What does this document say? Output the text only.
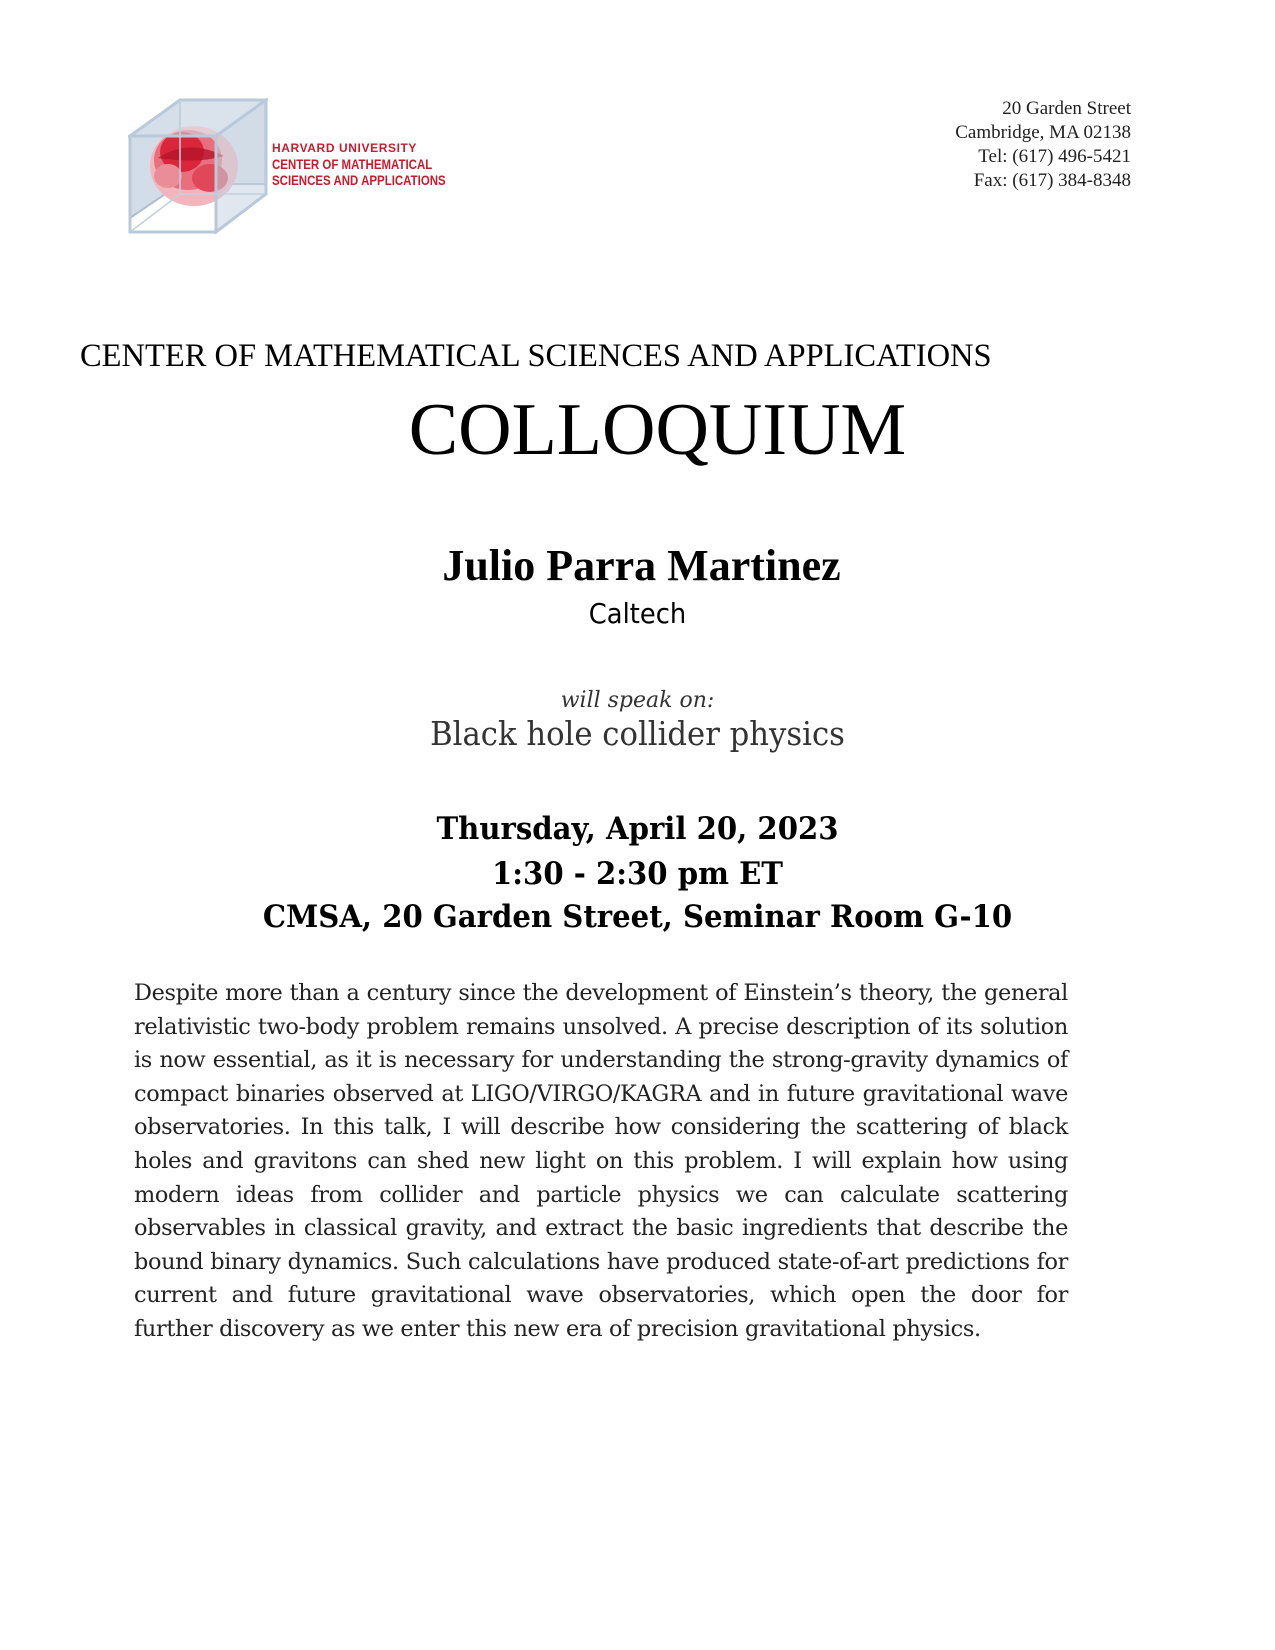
HARVARD UNIVERSITY
CENTER OF MATHEMATICAL
SCIENCES AND APPLICATIONS
20 Garden Street
Cambridge, MA 02138
Tel: (617) 496-5421
Fax: (617) 384-8348
CENTER OF MATHEMATICAL SCIENCES AND APPLICATIONS
COLLOQUIUM
Julio Parra Martinez
Caltech
will speak on:
Black hole collider physics
Thursday, April 20, 2023
1:30 - 2:30 pm ET
CMSA, 20 Garden Street, Seminar Room G-10

Despite more than a century since the development of Einstein’s theory, the general relativistic two-body problem remains unsolved. A precise description of its solution is now essential, as it is necessary for understanding the strong-gravity dynamics of compact binaries observed at LIGO/VIRGO/KAGRA and in future gravitational wave observatories. In this talk, I will describe how considering the scattering of black holes and gravitons can shed new light on this problem. I will explain how using modern ideas from collider and particle physics we can calculate scattering observables in classical gravity, and extract the basic ingredients that describe the bound binary dynamics. Such calculations have produced state-of-art predictions for current and future gravitational wave observatories, which open the door for further discovery as we enter this new era of precision gravitational physics.
